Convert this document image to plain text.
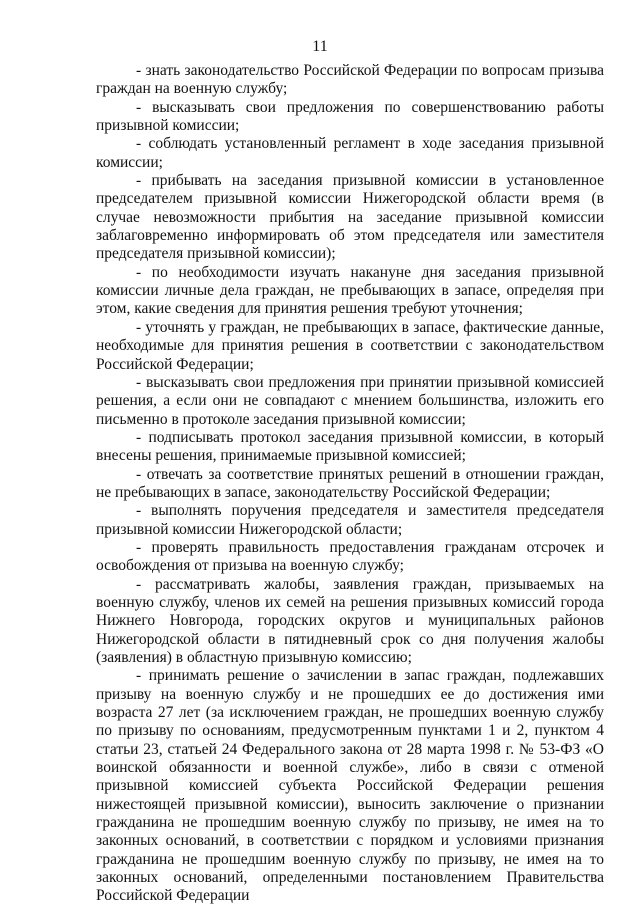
11

- знать законодательство Российской Федерации по вопросам призыва граждан на военную службу;

- высказывать свои предложения по совершенствованию работы призывной комиссии;

- соблюдать установленный регламент в ходе заседания призывной комиссии;

- прибывать на заседания призывной комиссии в установленное председателем призывной комиссии Нижегородской области время (в случае невозможности прибытия на заседание призывной комиссии заблаговременно информировать об этом председателя или заместителя председателя призывной комиссии);

- по необходимости изучать накануне дня заседания призывной комиссии личные дела граждан, не пребывающих в запасе, определяя при этом, какие сведения для принятия решения требуют уточнения;

- уточнять у граждан, не пребывающих в запасе, фактические данные, необходимые для принятия решения в соответствии с законодательством Российской Федерации;

- высказывать свои предложения при принятии призывной комиссией решения, а если они не совпадают с мнением большинства, изложить его письменно в протоколе заседания призывной комиссии;

- подписывать протокол заседания призывной комиссии, в который внесены решения, принимаемые призывной комиссией;

- отвечать за соответствие принятых решений в отношении граждан, не пребывающих в запасе, законодательству Российской Федерации;

- выполнять поручения председателя и заместителя председателя призывной комиссии Нижегородской области;

- проверять правильность предоставления гражданам отсрочек и освобождения от призыва на военную службу;

- рассматривать жалобы, заявления граждан, призываемых на военную службу, членов их семей на решения призывных комиссий города Нижнего Новгорода, городских округов и муниципальных районов Нижегородской области в пятидневный срок со дня получения жалобы (заявления) в областную призывную комиссию;

- принимать решение о зачислении в запас граждан, подлежавших призыву на военную службу и не прошедших ее до достижения ими возраста 27 лет (за исключением граждан, не прошедших военную службу по призыву по основаниям, предусмотренным пунктами 1 и 2, пунктом 4 статьи 23, статьей 24 Федерального закона от 28 марта 1998 г. № 53-ФЗ «О воинской обязанности и военной службе», либо в связи с отменой призывной комиссией субъекта Российской Федерации решения нижестоящей призывной комиссии), выносить заключение о признании гражданина не прошедшим военную службу по призыву, не имея на то законных оснований, в соответствии с порядком и условиями признания гражданина не прошедшим военную службу по призыву, не имея на то законных оснований, определенными постановлением Правительства Российской Федерации
